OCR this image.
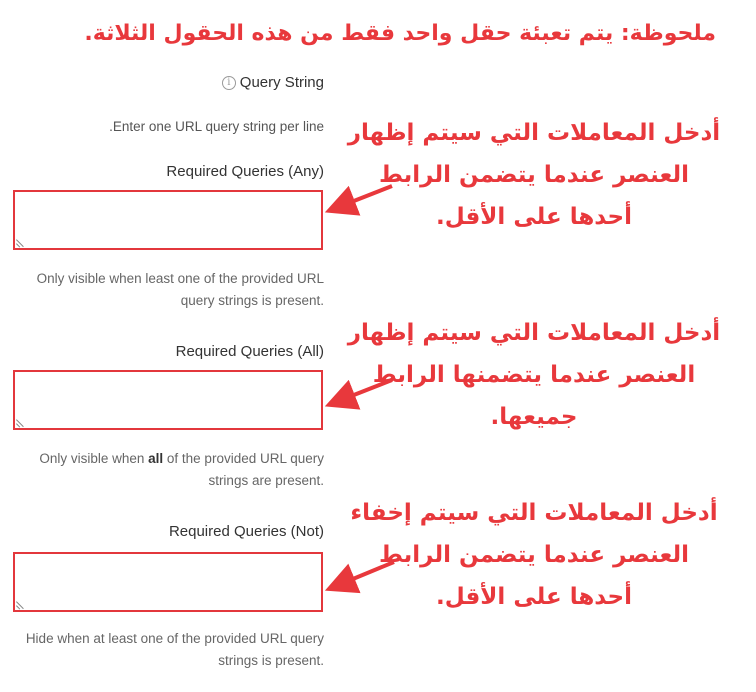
ملحوظة: يتم تعبئة حقل واحد فقط من هذه الحقول الثلاثة.
i Query String
Enter one URL query string per line.
Required Queries (Any)
Only visible when least one of the provided URL query strings is present.
Required Queries (All)
Only visible when all of the provided URL query strings are present.
Required Queries (Not)
Hide when at least one of the provided URL query strings is present.
أدخل المعاملات التي سيتم إظهار
العنصر عندما يتضمن الرابط
أحدها على الأقل.
أدخل المعاملات التي سيتم إظهار
العنصر عندما يتضمنها الرابط
جميعها.
أدخل المعاملات التي سيتم إخفاء
العنصر عندما يتضمن الرابط
أحدها على الأقل.
